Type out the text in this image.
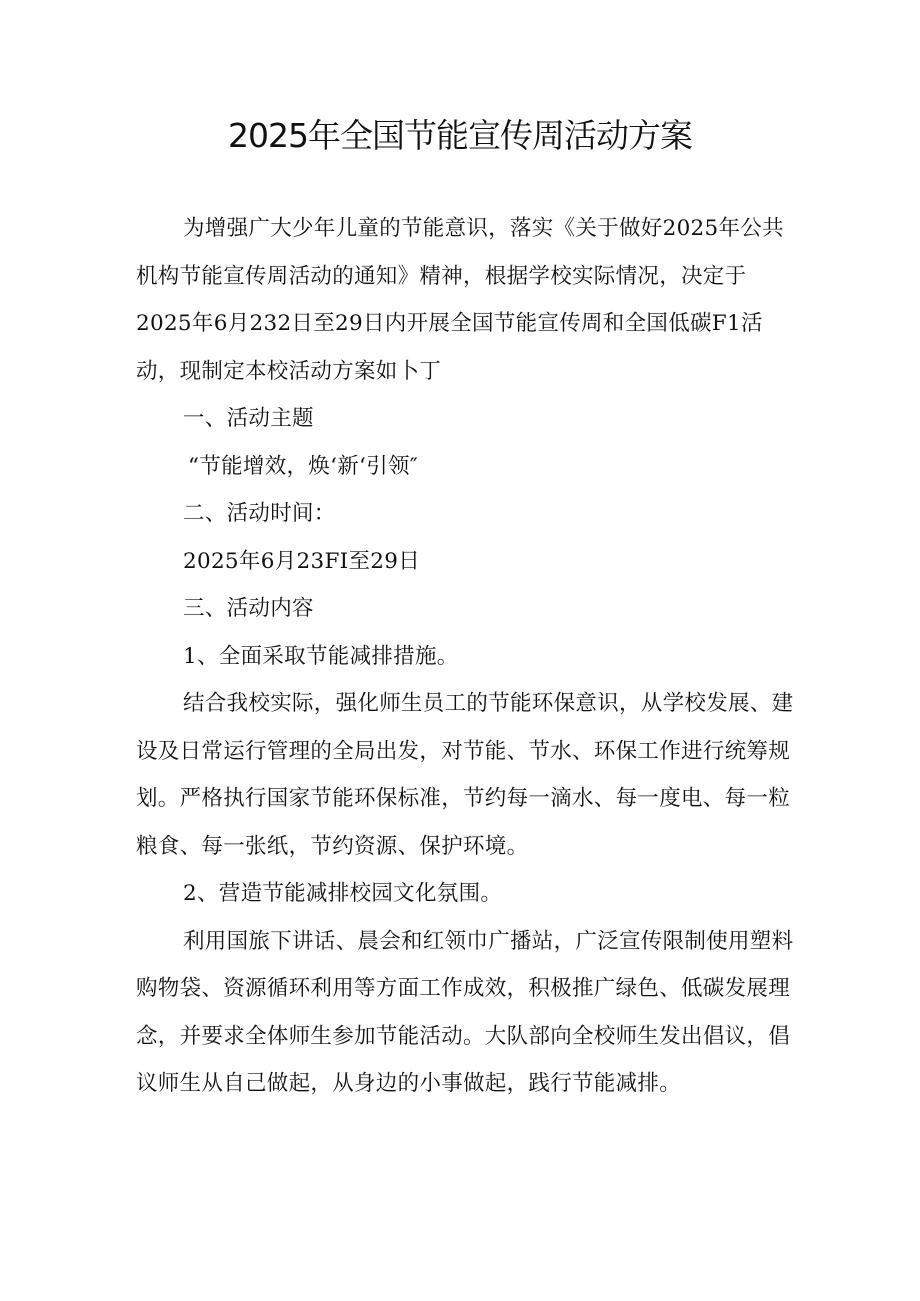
2025年全国节能宣传周活动方案

为增强广大少年儿童的节能意识，落实《关于做好2025年公共机构节能宣传周活动的通知》精神，根据学校实际情况，决定于2025年6月232日至29日内开展全国节能宣传周和全国低碳F1活动，现制定本校活动方案如卜丁

一、活动主题

“节能增效，焕‘新‘引领″

二、活动时间：

2025年6月23FI至29日

三、活动内容

1、全面采取节能减排措施。

结合我校实际，强化师生员工的节能环保意识，从学校发展、建设及日常运行管理的全局出发，对节能、节水、环保工作进行统筹规划。严格执行国家节能环保标准，节约每一滴水、每一度电、每一粒粮食、每一张纸，节约资源、保护环境。

2、营造节能减排校园文化氛围。

利用国旅下讲话、晨会和红领巾广播站，广泛宣传限制使用塑料购物袋、资源循环利用等方面工作成效，积极推广绿色、低碳发展理念，并要求全体师生参加节能活动。大队部向全校师生发出倡议，倡议师生从自己做起，从身边的小事做起，践行节能减排。
